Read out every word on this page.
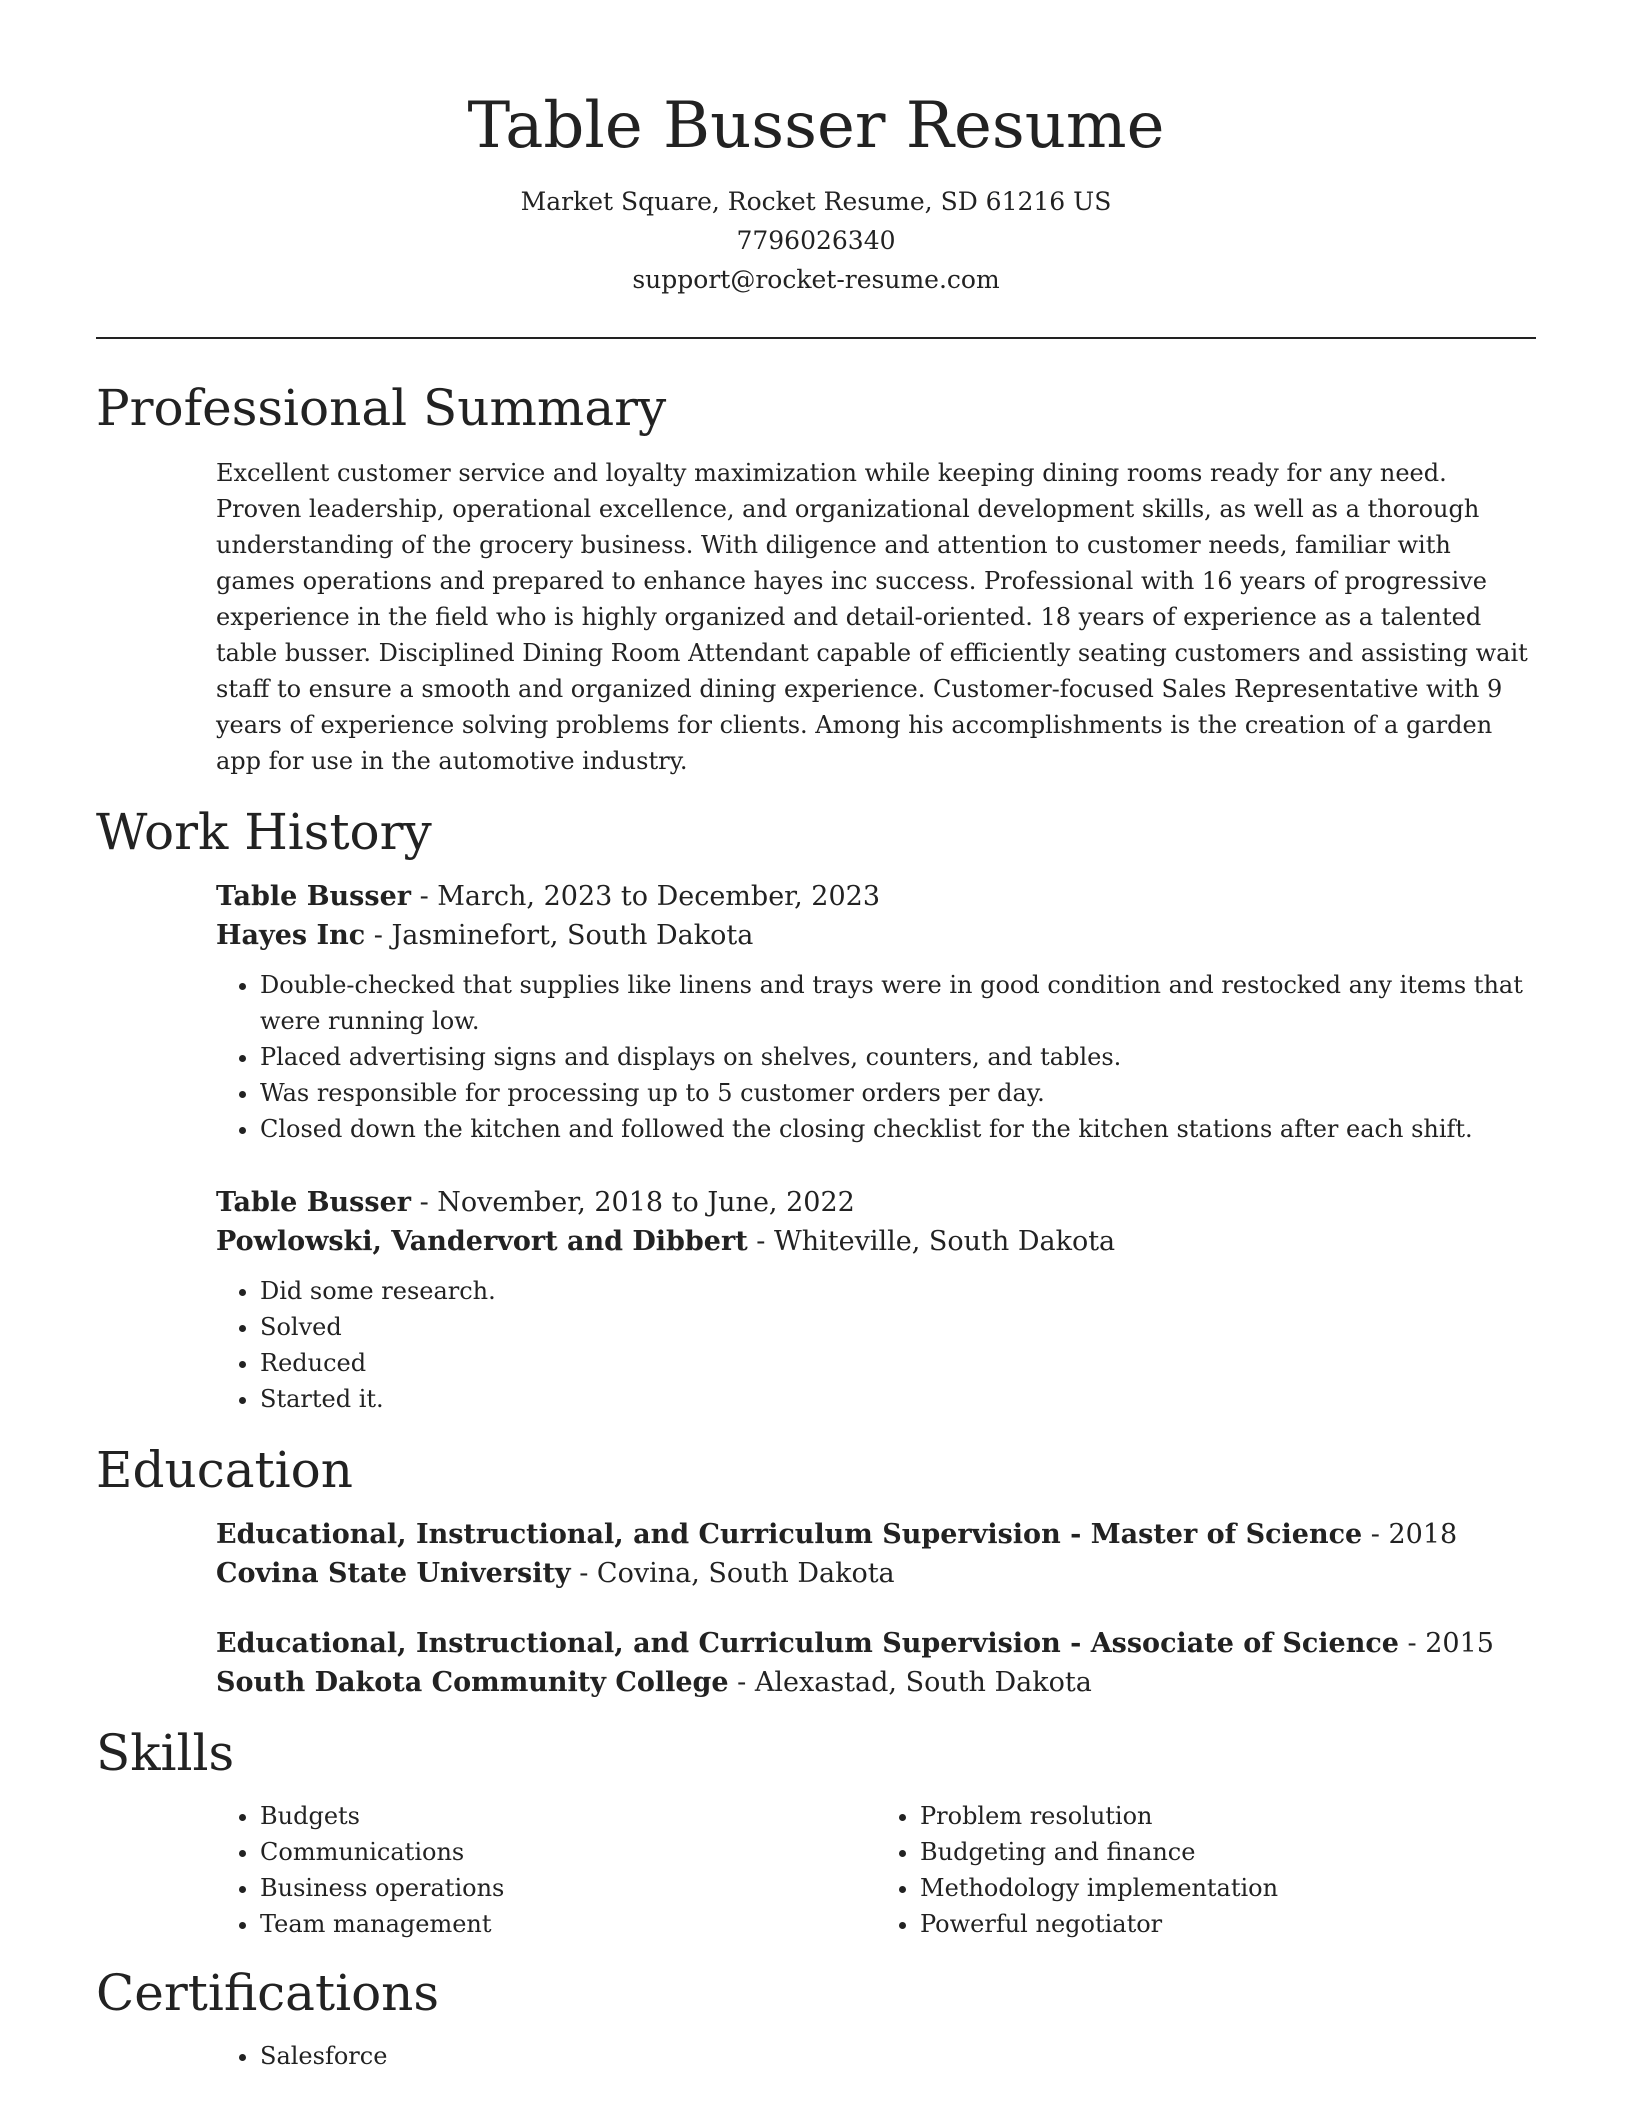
Table Busser Resume
Market Square, Rocket Resume, SD 61216 US
7796026340
support@rocket-resume.com
Professional Summary
Excellent customer service and loyalty maximization while keeping dining rooms ready for any need. Proven leadership, operational excellence, and organizational development skills, as well as a thorough understanding of the grocery business. With diligence and attention to customer needs, familiar with games operations and prepared to enhance hayes inc success. Professional with 16 years of progressive experience in the field who is highly organized and detail-oriented. 18 years of experience as a talented table busser. Disciplined Dining Room Attendant capable of efficiently seating customers and assisting wait staff to ensure a smooth and organized dining experience. Customer-focused Sales Representative with 9 years of experience solving problems for clients. Among his accomplishments is the creation of a garden app for use in the automotive industry.
Work History
Table Busser - March, 2023 to December, 2023
Hayes Inc - Jasminefort, South Dakota
• Double-checked that supplies like linens and trays were in good condition and restocked any items that were running low.
• Placed advertising signs and displays on shelves, counters, and tables.
• Was responsible for processing up to 5 customer orders per day.
• Closed down the kitchen and followed the closing checklist for the kitchen stations after each shift.
Table Busser - November, 2018 to June, 2022
Powlowski, Vandervort and Dibbert - Whiteville, South Dakota
• Did some research.
• Solved
• Reduced
• Started it.
Education
Educational, Instructional, and Curriculum Supervision - Master of Science - 2018
Covina State University - Covina, South Dakota
Educational, Instructional, and Curriculum Supervision - Associate of Science - 2015
South Dakota Community College - Alexastad, South Dakota
Skills
• Budgets
• Communications
• Business operations
• Team management
• Problem resolution
• Budgeting and finance
• Methodology implementation
• Powerful negotiator
Certifications
• Salesforce
